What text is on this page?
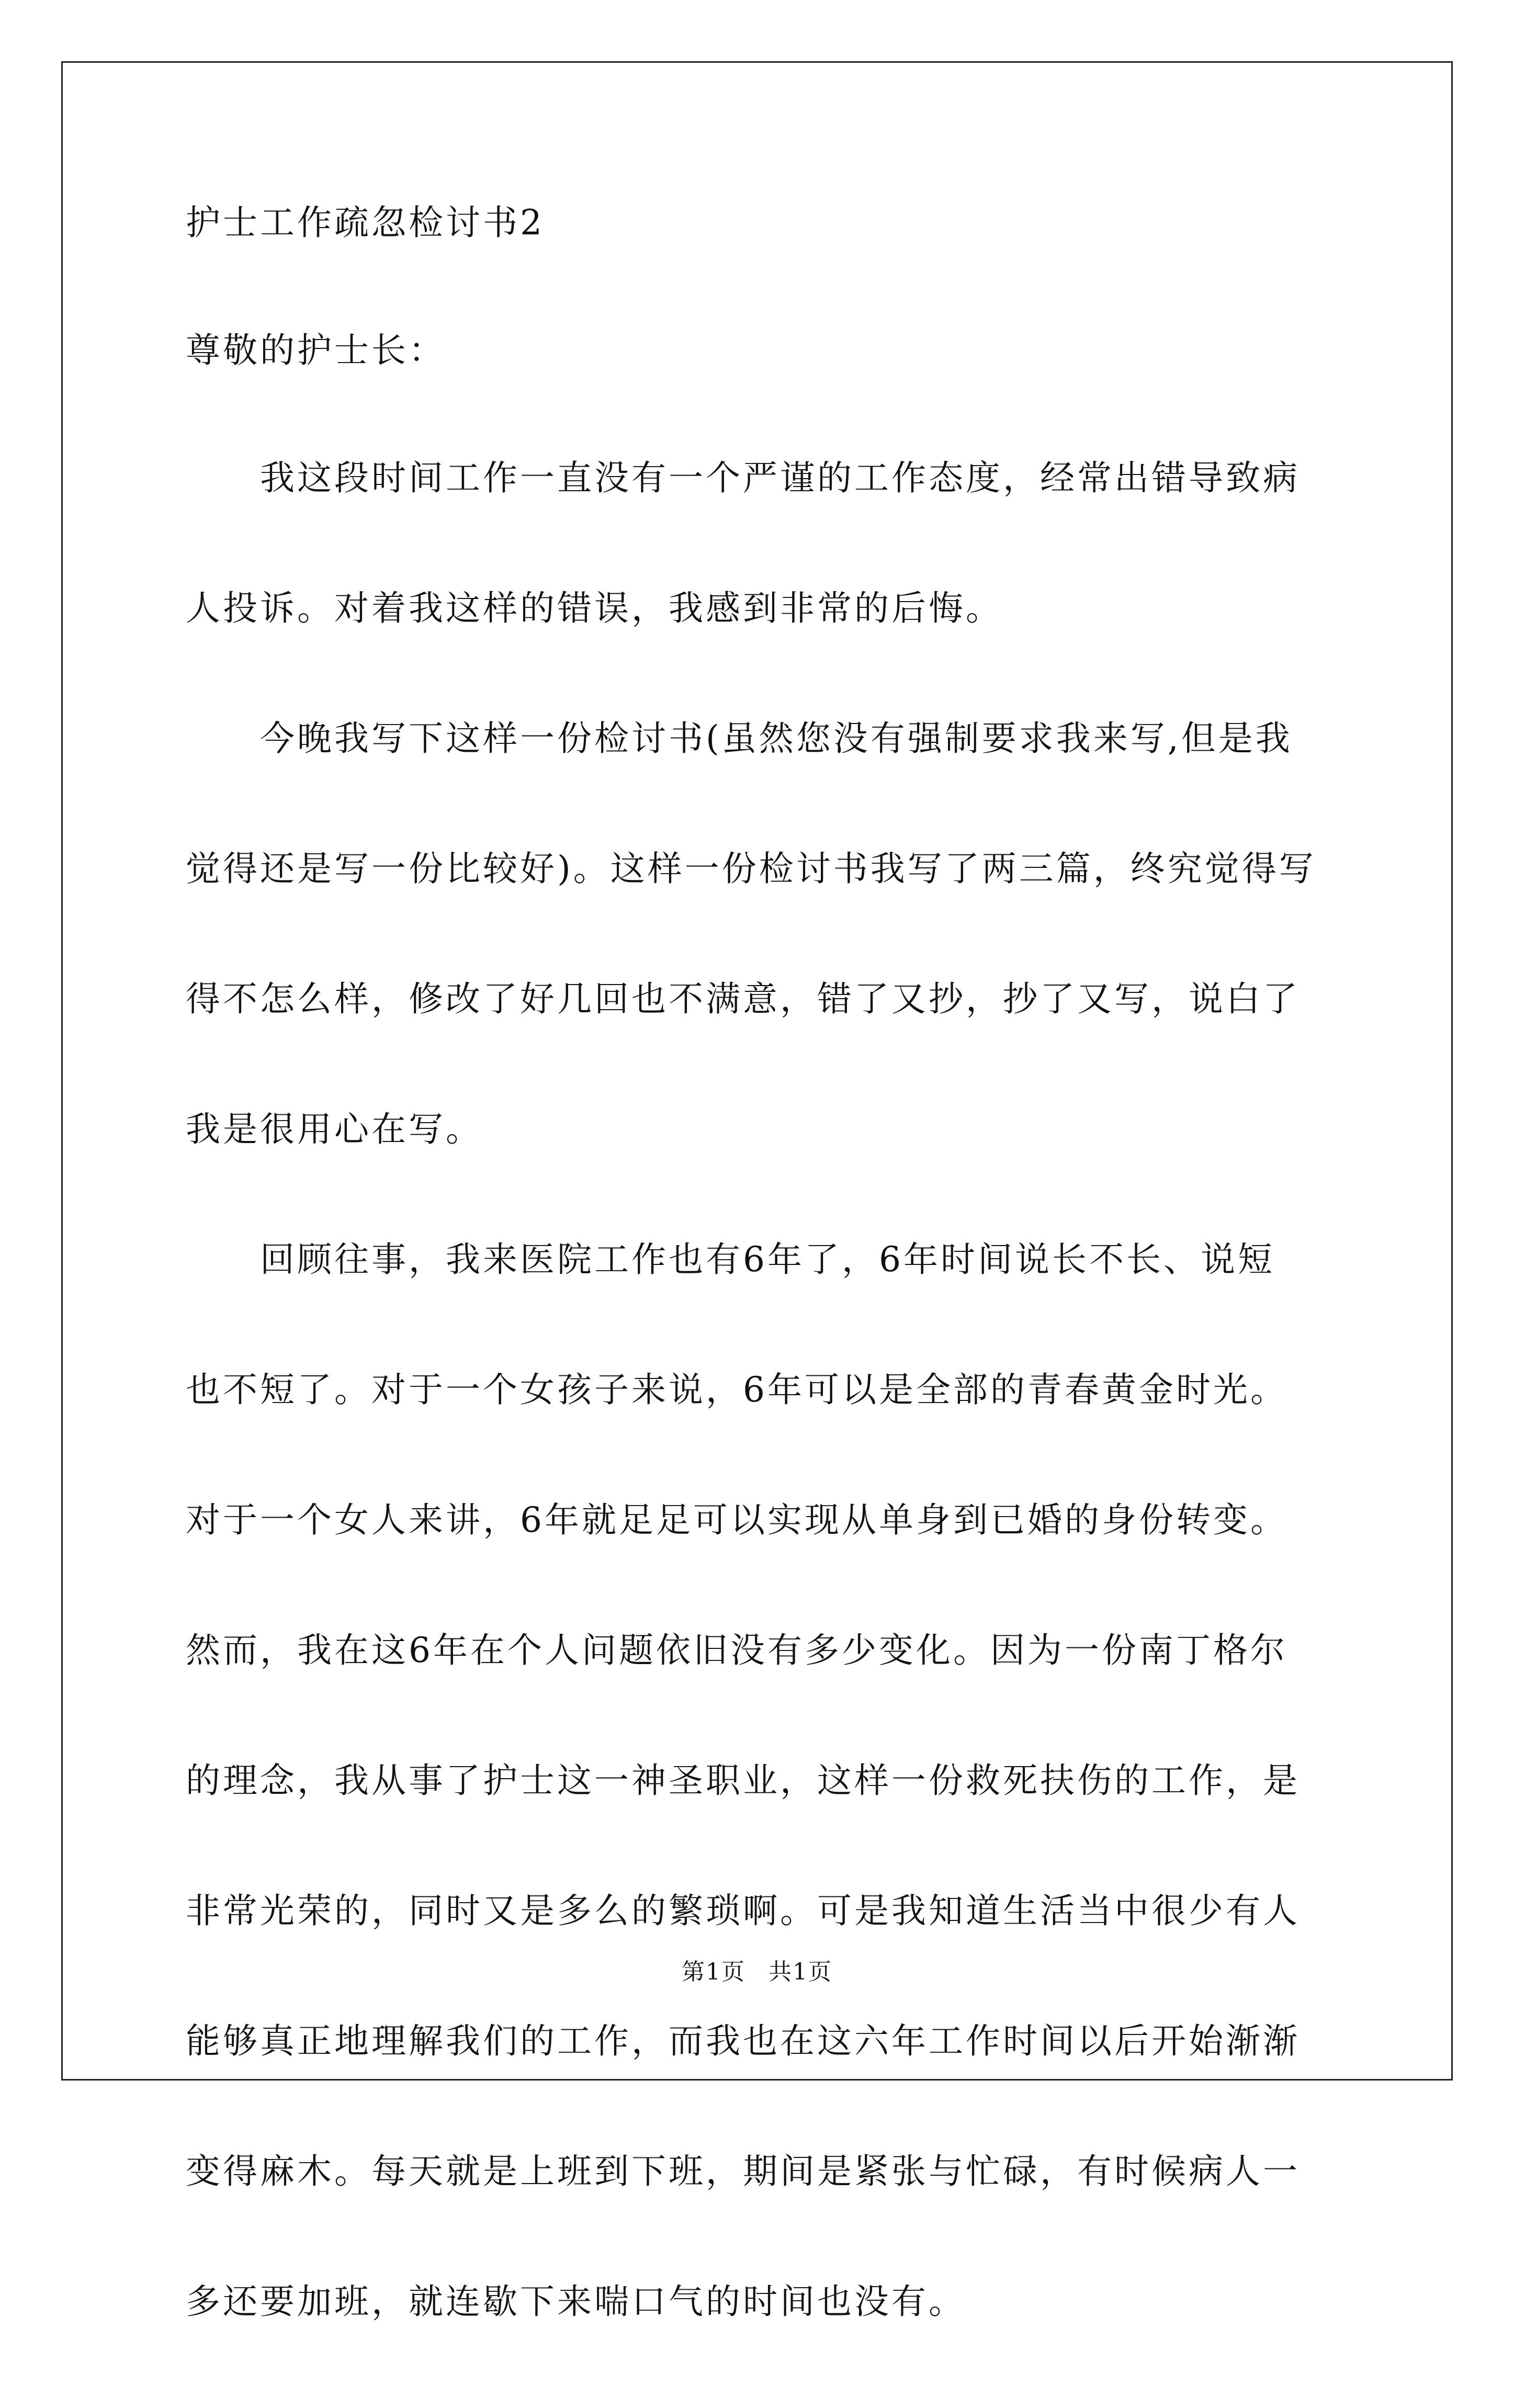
护士工作疏忽检讨书2

尊敬的护士长：

我这段时间工作一直没有一个严谨的工作态度，经常出错导致病

人投诉。对着我这样的错误，我感到非常的后悔。

今晚我写下这样一份检讨书(虽然您没有强制要求我来写,但是我

觉得还是写一份比较好)。这样一份检讨书我写了两三篇，终究觉得写

得不怎么样，修改了好几回也不满意，错了又抄，抄了又写，说白了

我是很用心在写。

回顾往事，我来医院工作也有6年了，6年时间说长不长、说短

也不短了。对于一个女孩子来说，6年可以是全部的青春黄金时光。

对于一个女人来讲，6年就足足可以实现从单身到已婚的身份转变。

然而，我在这6年在个人问题依旧没有多少变化。因为一份南丁格尔

的理念，我从事了护士这一神圣职业，这样一份救死扶伤的工作，是

非常光荣的，同时又是多么的繁琐啊。可是我知道生活当中很少有人

能够真正地理解我们的工作，而我也在这六年工作时间以后开始渐渐

变得麻木。每天就是上班到下班，期间是紧张与忙碌，有时候病人一

多还要加班，就连歇下来喘口气的时间也没有。

第1页 共1页
